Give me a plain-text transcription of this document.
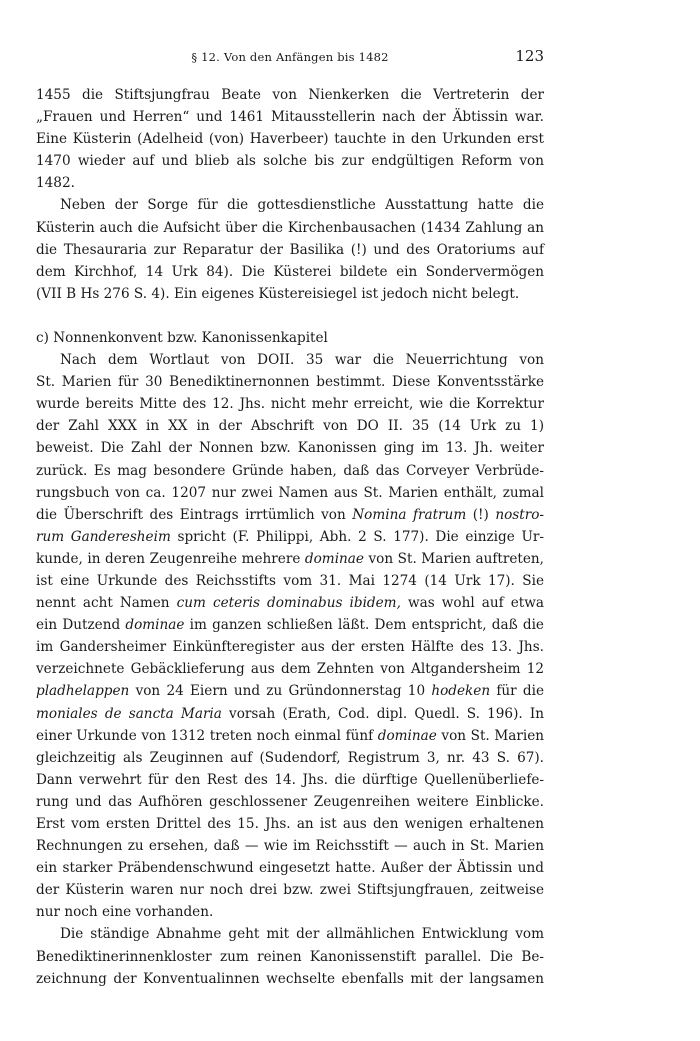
§ 12. Von den Anfängen bis 1482	123
1455 die Stiftsjungfrau Beate von Nienkerken die Vertreterin der
„Frauen und Herren“ und 1461 Mitausstellerin nach der Äbtissin war.
Eine Küsterin (Adelheid (von) Haverbeer) tauchte in den Urkunden erst
1470 wieder auf und blieb als solche bis zur endgültigen Reform von
1482.
Neben der Sorge für die gottesdienstliche Ausstattung hatte die
Küsterin auch die Aufsicht über die Kirchenbausachen (1434 Zahlung an
die Thesauraria zur Reparatur der Basilika (!) und des Oratoriums auf
dem Kirchhof, 14 Urk 84). Die Küsterei bildete ein Sondervermögen
(VII B Hs 276 S. 4). Ein eigenes Küstereisiegel ist jedoch nicht belegt.
c) Nonnenkonvent bzw. Kanonissenkapitel
Nach dem Wortlaut von DOII. 35 war die Neuerrichtung von
St. Marien für 30 Benediktinernonnen bestimmt. Diese Konventsstärke
wurde bereits Mitte des 12. Jhs. nicht mehr erreicht, wie die Korrektur
der Zahl XXX in XX in der Abschrift von DO II. 35 (14 Urk zu 1)
beweist. Die Zahl der Nonnen bzw. Kanonissen ging im 13. Jh. weiter
zurück. Es mag besondere Gründe haben, daß das Corveyer Verbrüde-
rungsbuch von ca. 1207 nur zwei Namen aus St. Marien enthält, zumal
die Überschrift des Eintrags irrtümlich von Nomina fratrum (!) nostro-
rum Ganderesheim spricht (F. Philippi, Abh. 2 S. 177). Die einzige Ur-
kunde, in deren Zeugenreihe mehrere dominae von St. Marien auftreten,
ist eine Urkunde des Reichsstifts vom 31. Mai 1274 (14 Urk 17). Sie
nennt acht Namen cum ceteris dominabus ibidem, was wohl auf etwa
ein Dutzend dominae im ganzen schließen läßt. Dem entspricht, daß die
im Gandersheimer Einkünfteregister aus der ersten Hälfte des 13. Jhs.
verzeichnete Gebäcklieferung aus dem Zehnten von Altgandersheim 12
pladhelappen von 24 Eiern und zu Gründonnerstag 10 hodeken für die
moniales de sancta Maria vorsah (Erath, Cod. dipl. Quedl. S. 196). In
einer Urkunde von 1312 treten noch einmal fünf dominae von St. Marien
gleichzeitig als Zeuginnen auf (Sudendorf, Registrum 3, nr. 43 S. 67).
Dann verwehrt für den Rest des 14. Jhs. die dürftige Quellenüberliefe-
rung und das Aufhören geschlossener Zeugenreihen weitere Einblicke.
Erst vom ersten Drittel des 15. Jhs. an ist aus den wenigen erhaltenen
Rechnungen zu ersehen, daß — wie im Reichsstift — auch in St. Marien
ein starker Präbendenschwund eingesetzt hatte. Außer der Äbtissin und
der Küsterin waren nur noch drei bzw. zwei Stiftsjungfrauen, zeitweise
nur noch eine vorhanden.
Die ständige Abnahme geht mit der allmählichen Entwicklung vom
Benediktinerinnenkloster zum reinen Kanonissenstift parallel. Die Be-
zeichnung der Konventualinnen wechselte ebenfalls mit der langsamen
